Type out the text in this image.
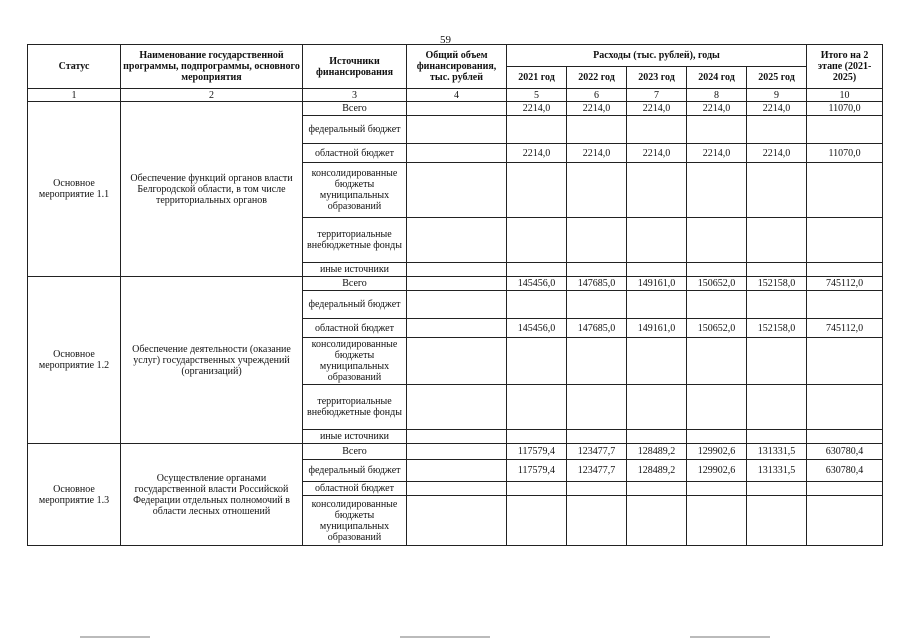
59
Статус	Наименование государственной программы, подпрограммы, основного мероприятия	Источники финансирования	Общий объем финансирования, тыс. рублей	Расходы (тыс. рублей), годы					Итого на 2 этапе (2021-2025)
				2021 год	2022 год	2023 год	2024 год	2025 год	
1	2	3	4	5	6	7	8	9	10
Основное мероприятие 1.1	Обеспечение функций органов власти Белгородской области, в том числе территориальных органов	Всего		2214,0	2214,0	2214,0	2214,0	2214,0	11070,0
		федеральный бюджет							
		областной бюджет		2214,0	2214,0	2214,0	2214,0	2214,0	11070,0
		консолидированные бюджеты муниципальных образований							
		территориальные внебюджетные фонды							
		иные источники							
Основное мероприятие 1.2	Обеспечение деятельности (оказание услуг) государственных учреждений (организаций)	Всего		145456,0	147685,0	149161,0	150652,0	152158,0	745112,0
		федеральный бюджет							
		областной бюджет		145456,0	147685,0	149161,0	150652,0	152158,0	745112,0
		консолидированные бюджеты муниципальных образований							
		территориальные внебюджетные фонды							
		иные источники							
Основное мероприятие 1.3	Осуществление органами государственной власти Российской Федерации отдельных полномочий в области лесных отношений	Всего		117579,4	123477,7	128489,2	129902,6	131331,5	630780,4
		федеральный бюджет		117579,4	123477,7	128489,2	129902,6	131331,5	630780,4
		областной бюджет							
		консолидированные бюджеты муниципальных образований							
